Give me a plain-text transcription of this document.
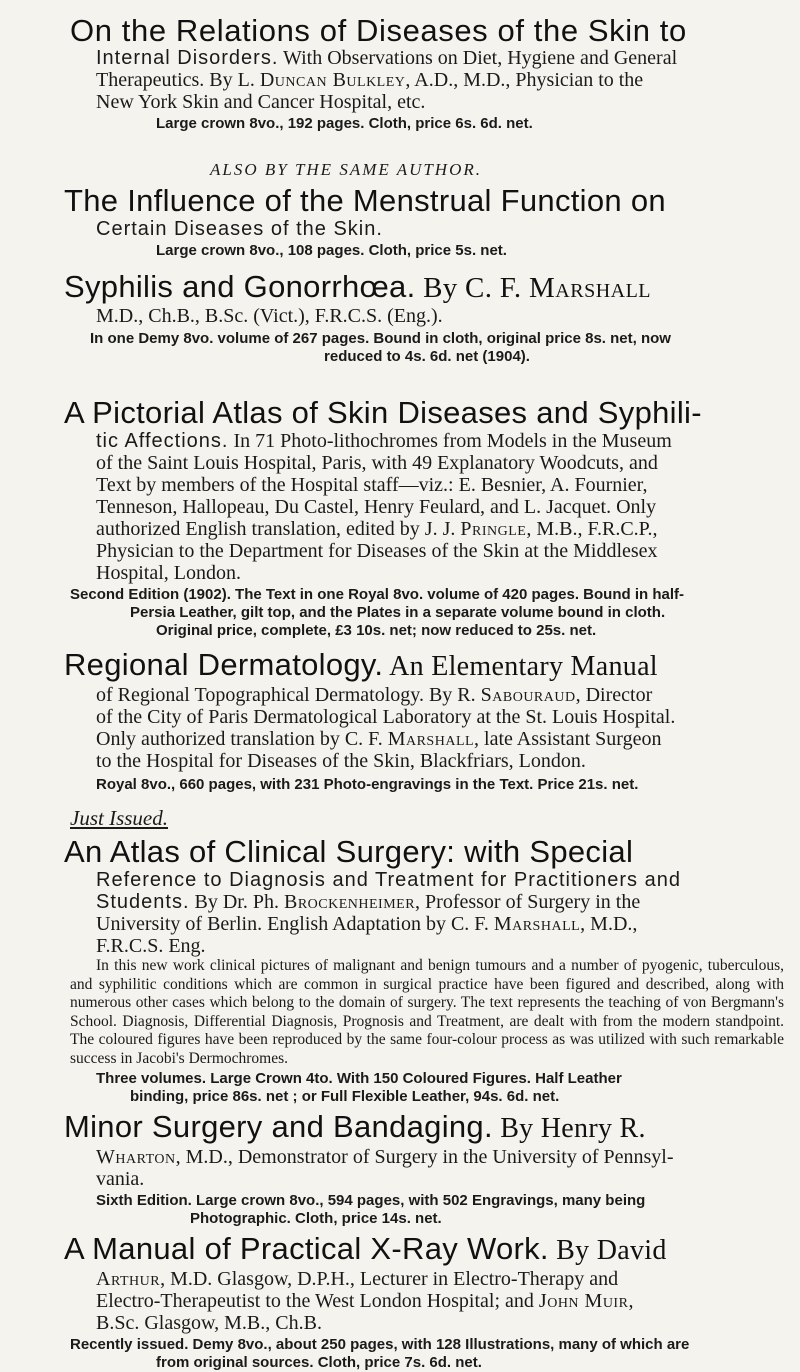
On the Relations of Diseases of the Skin to
Internal Disorders. With Observations on Diet, Hygiene and General
Therapeutics. By L. Duncan Bulkley, A.D., M.D., Physician to the
New York Skin and Cancer Hospital, etc.
Large crown 8vo., 192 pages. Cloth, price 6s. 6d. net.
ALSO BY THE SAME AUTHOR.
The Influence of the Menstrual Function on
Certain Diseases of the Skin.
Large crown 8vo., 108 pages. Cloth, price 5s. net.
Syphilis and Gonorrhœa. By C. F. Marshall
M.D., Ch.B., B.Sc. (Vict.), F.R.C.S. (Eng.).
In one Demy 8vo. volume of 267 pages. Bound in cloth, original price 8s. net, now
reduced to 4s. 6d. net (1904).
A Pictorial Atlas of Skin Diseases and Syphili-
tic Affections. In 71 Photo-lithochromes from Models in the Museum
of the Saint Louis Hospital, Paris, with 49 Explanatory Woodcuts, and
Text by members of the Hospital staff—viz.: E. Besnier, A. Fournier,
Tenneson, Hallopeau, Du Castel, Henry Feulard, and L. Jacquet. Only
authorized English translation, edited by J. J. Pringle, M.B., F.R.C.P.,
Physician to the Department for Diseases of the Skin at the Middlesex
Hospital, London.
Second Edition (1902). The Text in one Royal 8vo. volume of 420 pages. Bound in half-
Persia Leather, gilt top, and the Plates in a separate volume bound in cloth.
Original price, complete, £3 10s. net; now reduced to 25s. net.
Regional Dermatology. An Elementary Manual
of Regional Topographical Dermatology. By R. Sabouraud, Director
of the City of Paris Dermatological Laboratory at the St. Louis Hospital.
Only authorized translation by C. F. Marshall, late Assistant Surgeon
to the Hospital for Diseases of the Skin, Blackfriars, London.
Royal 8vo., 660 pages, with 231 Photo-engravings in the Text. Price 21s. net.
Just Issued.
An Atlas of Clinical Surgery: with Special
Reference to Diagnosis and Treatment for Practitioners and
Students. By Dr. Ph. Brockenheimer, Professor of Surgery in the
University of Berlin. English Adaptation by C. F. Marshall, M.D.,
F.R.C.S. Eng.
In this new work clinical pictures of malignant and benign tumours and a number of pyogenic, tuberculous, and syphilitic conditions which are common in surgical practice have been figured and described, along with numerous other cases which belong to the domain of surgery. The text represents the teaching of von Bergmann's School. Diagnosis, Differential Diagnosis, Prognosis and Treatment, are dealt with from the modern standpoint. The coloured figures have been reproduced by the same four-colour process as was utilized with such remarkable success in Jacobi's Dermochromes.
Three volumes. Large Crown 4to. With 150 Coloured Figures. Half Leather
binding, price 86s. net ; or Full Flexible Leather, 94s. 6d. net.
Minor Surgery and Bandaging. By Henry R.
Wharton, M.D., Demonstrator of Surgery in the University of Pennsyl-
vania.
Sixth Edition. Large crown 8vo., 594 pages, with 502 Engravings, many being
Photographic. Cloth, price 14s. net.
A Manual of Practical X-Ray Work. By David
Arthur, M.D. Glasgow, D.P.H., Lecturer in Electro-Therapy and
Electro-Therapeutist to the West London Hospital; and John Muir,
B.Sc. Glasgow, M.B., Ch.B.
Recently issued. Demy 8vo., about 250 pages, with 128 Illustrations, many of which are
from original sources. Cloth, price 7s. 6d. net.
